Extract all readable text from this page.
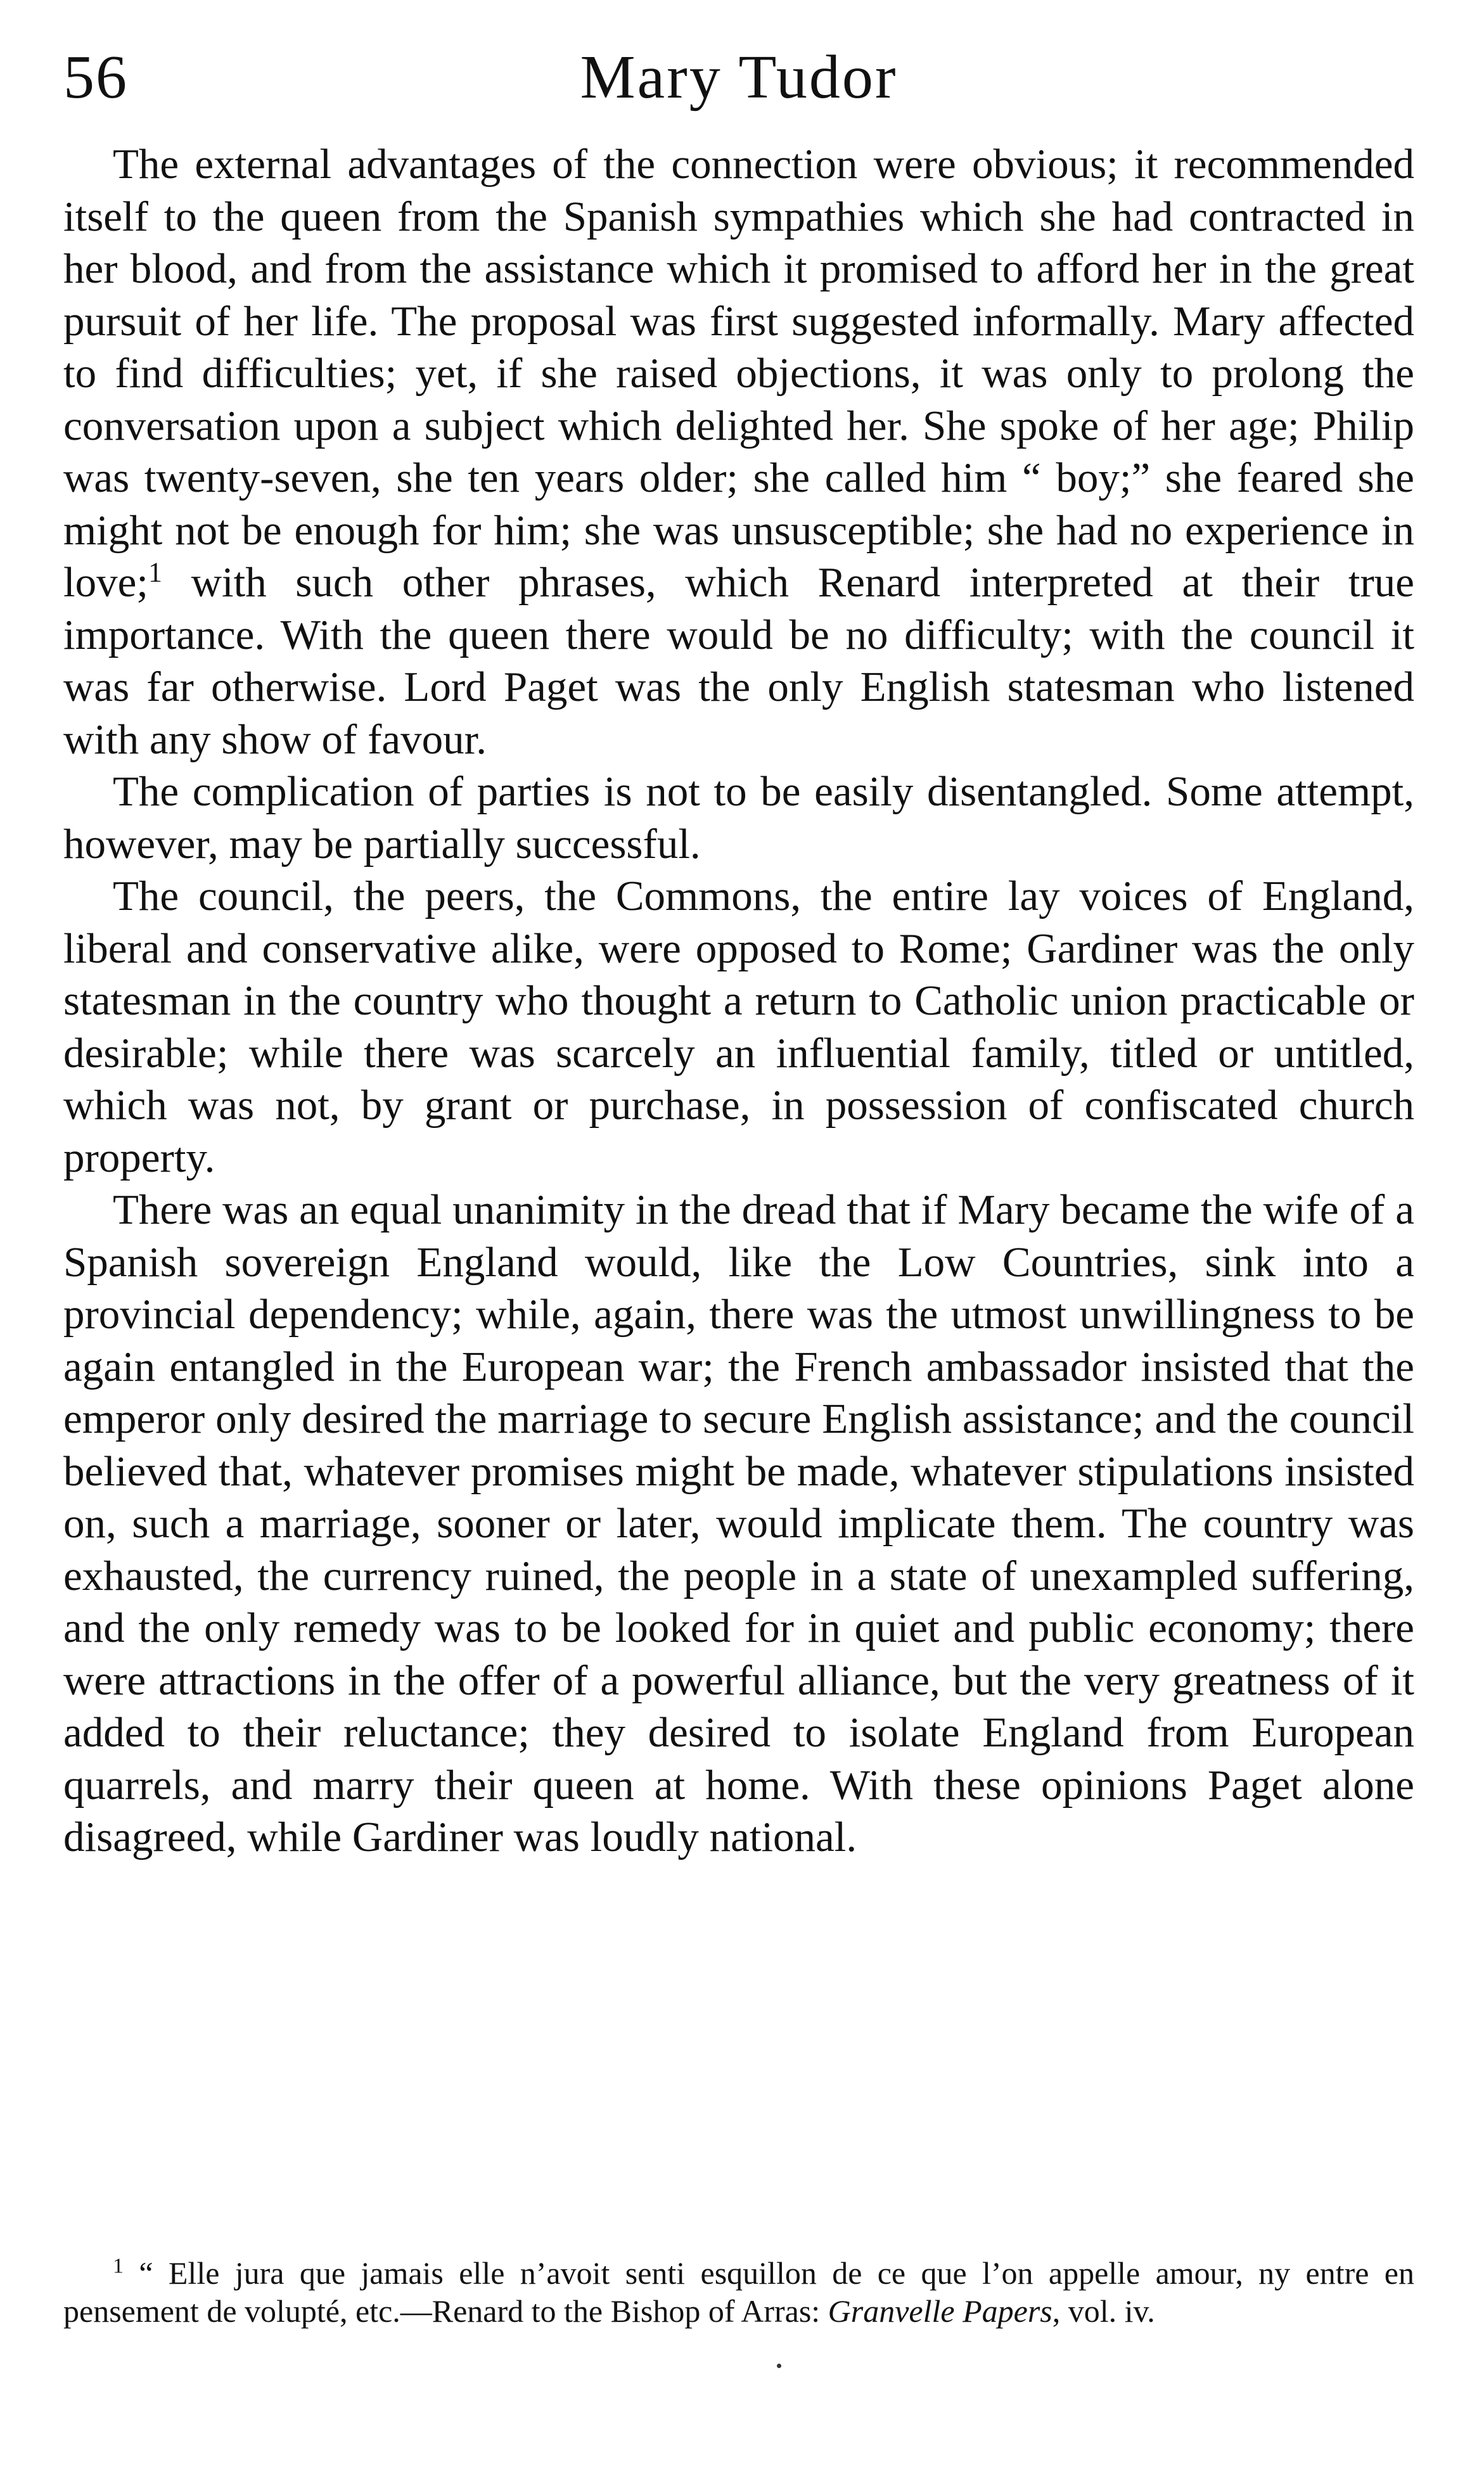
56	Mary Tudor

The external advantages of the connection were obvious; it recommended itself to the queen from the Spanish sympathies which she had contracted in her blood, and from the assistance which it promised to afford her in the great pursuit of her life. The proposal was first suggested informally. Mary affected to find difficulties; yet, if she raised objections, it was only to prolong the conversation upon a subject which delighted her. She spoke of her age; Philip was twenty-seven, she ten years older; she called him “ boy;” she feared she might not be enough for him; she was unsusceptible; she had no experience in love;$^1$ with such other phrases, which Renard interpreted at their true importance. With the queen there would be no difficulty; with the council it was far otherwise. Lord Paget was the only English statesman who listened with any show of favour.

The complication of parties is not to be easily disentangled. Some attempt, however, may be partially successful.

The council, the peers, the Commons, the entire lay voices of England, liberal and conservative alike, were opposed to Rome; Gardiner was the only statesman in the country who thought a return to Catholic union practicable or desirable; while there was scarcely an influential family, titled or untitled, which was not, by grant or purchase, in possession of confiscated church property.

There was an equal unanimity in the dread that if Mary became the wife of a Spanish sovereign England would, like the Low Countries, sink into a provincial dependency; while, again, there was the utmost unwillingness to be again entangled in the European war; the French ambassador insisted that the emperor only desired the marriage to secure English assistance; and the council believed that, whatever promises might be made, whatever stipulations insisted on, such a marriage, sooner or later, would implicate them. The country was exhausted, the currency ruined, the people in a state of unexampled suffering, and the only remedy was to be looked for in quiet and public economy; there were attractions in the offer of a powerful alliance, but the very greatness of it added to their reluctance; they desired to isolate England from European quarrels, and marry their queen at home. With these opinions Paget alone disagreed, while Gardiner was loudly national.

$^1$ “ Elle jura que jamais elle n’avoit senti esquillon de ce que l’on appelle amour, ny entre en pensement de volupté, etc.—Renard to the Bishop of Arras: Granvelle Papers, vol. iv.
